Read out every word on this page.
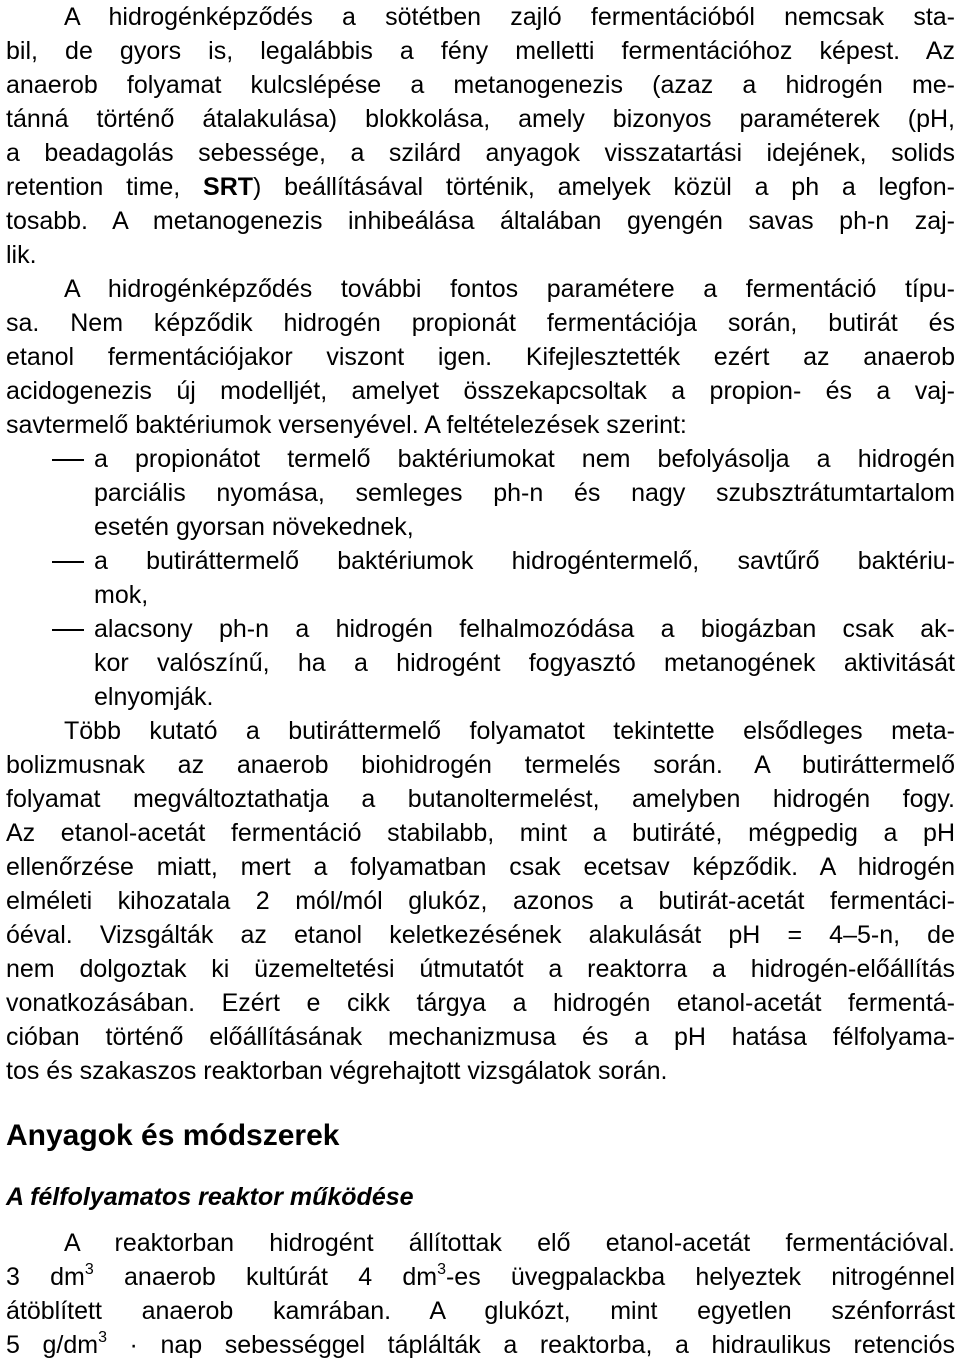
A hidrogénképződés a sötétben zajló fermentációból nemcsak sta-
bil, de gyors is, legalábbis a fény melletti fermentációhoz képest. Az
anaerob folyamat kulcslépése a metanogenezis (azaz a hidrogén me-
tánná történő átalakulása) blokkolása, amely bizonyos paraméterek (pH,
a beadagolás sebessége, a szilárd anyagok visszatartási idejének, solids
retention time, SRT) beállításával történik, amelyek közül a ph a legfon-
tosabb. A metanogenezis inhibeálása általában gyengén savas ph-n zaj-
lik.
A hidrogénképződés további fontos paramétere a fermentáció típu-
sa. Nem képződik hidrogén propionát fermentációja során, butirát és
etanol fermentációjakor viszont igen. Kifejlesztették ezért az anaerob
acidogenezis új modelljét, amelyet összekapcsoltak a propion- és a vaj-
savtermelő baktériumok versenyével. A feltételezések szerint:
a propionátot termelő baktériumokat nem befolyásolja a hidrogén
parciális nyomása, semleges ph-n és nagy szubsztrátumtartalom
esetén gyorsan növekednek,
a butiráttermelő baktériumok hidrogéntermelő, savtűrő baktériu-
mok,
alacsony ph-n a hidrogén felhalmozódása a biogázban csak ak-
kor valószínű, ha a hidrogént fogyasztó metanogének aktivitását
elnyomják.
Több kutató a butiráttermelő folyamatot tekintette elsődleges meta-
bolizmusnak az anaerob biohidrogén termelés során. A butiráttermelő
folyamat megváltoztathatja a butanoltermelést, amelyben hidrogén fogy.
Az etanol-acetát fermentáció stabilabb, mint a butiráté, mégpedig a pH
ellenőrzése miatt, mert a folyamatban csak ecetsav képződik. A hidrogén
elméleti kihozatala 2 mól/mól glukóz, azonos a butirát-acetát fermentáci-
óéval. Vizsgálták az etanol keletkezésének alakulását pH = 4–5-n, de
nem dolgoztak ki üzemeltetési útmutatót a reaktorra a hidrogén-előállítás
vonatkozásában. Ezért e cikk tárgya a hidrogén etanol-acetát fermentá-
cióban történő előállításának mechanizmusa és a pH hatása félfolyama-
tos és szakaszos reaktorban végrehajtott vizsgálatok során.
Anyagok és módszerek
A félfolyamatos reaktor működése
A reaktorban hidrogént állítottak elő etanol-acetát fermentációval.
3 $dm^3$ anaerob kultúrát 4 $dm^3-es$ üvegpalackba helyeztek nitrogénnel
átöblített anaerob kamrában. A glukózt, mint egyetlen szénforrást
5 $g/dm^3$ · nap sebességgel táplálták a reaktorba, a hidraulikus retenciós
